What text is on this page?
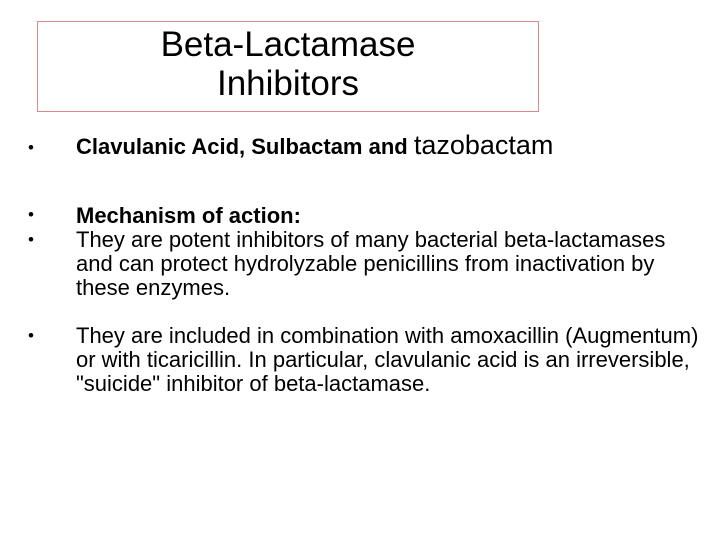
Beta-Lactamase
Inhibitors
• Clavulanic Acid, Sulbactam and tazobactam
• Mechanism of action:
• They are potent inhibitors of many bacterial beta-lactamases and can protect hydrolyzable penicillins from inactivation by these enzymes.
• They are included in combination with amoxacillin (Augmentum) or with ticaricillin. In particular, clavulanic acid is an irreversible, "suicide" inhibitor of beta-lactamase.
